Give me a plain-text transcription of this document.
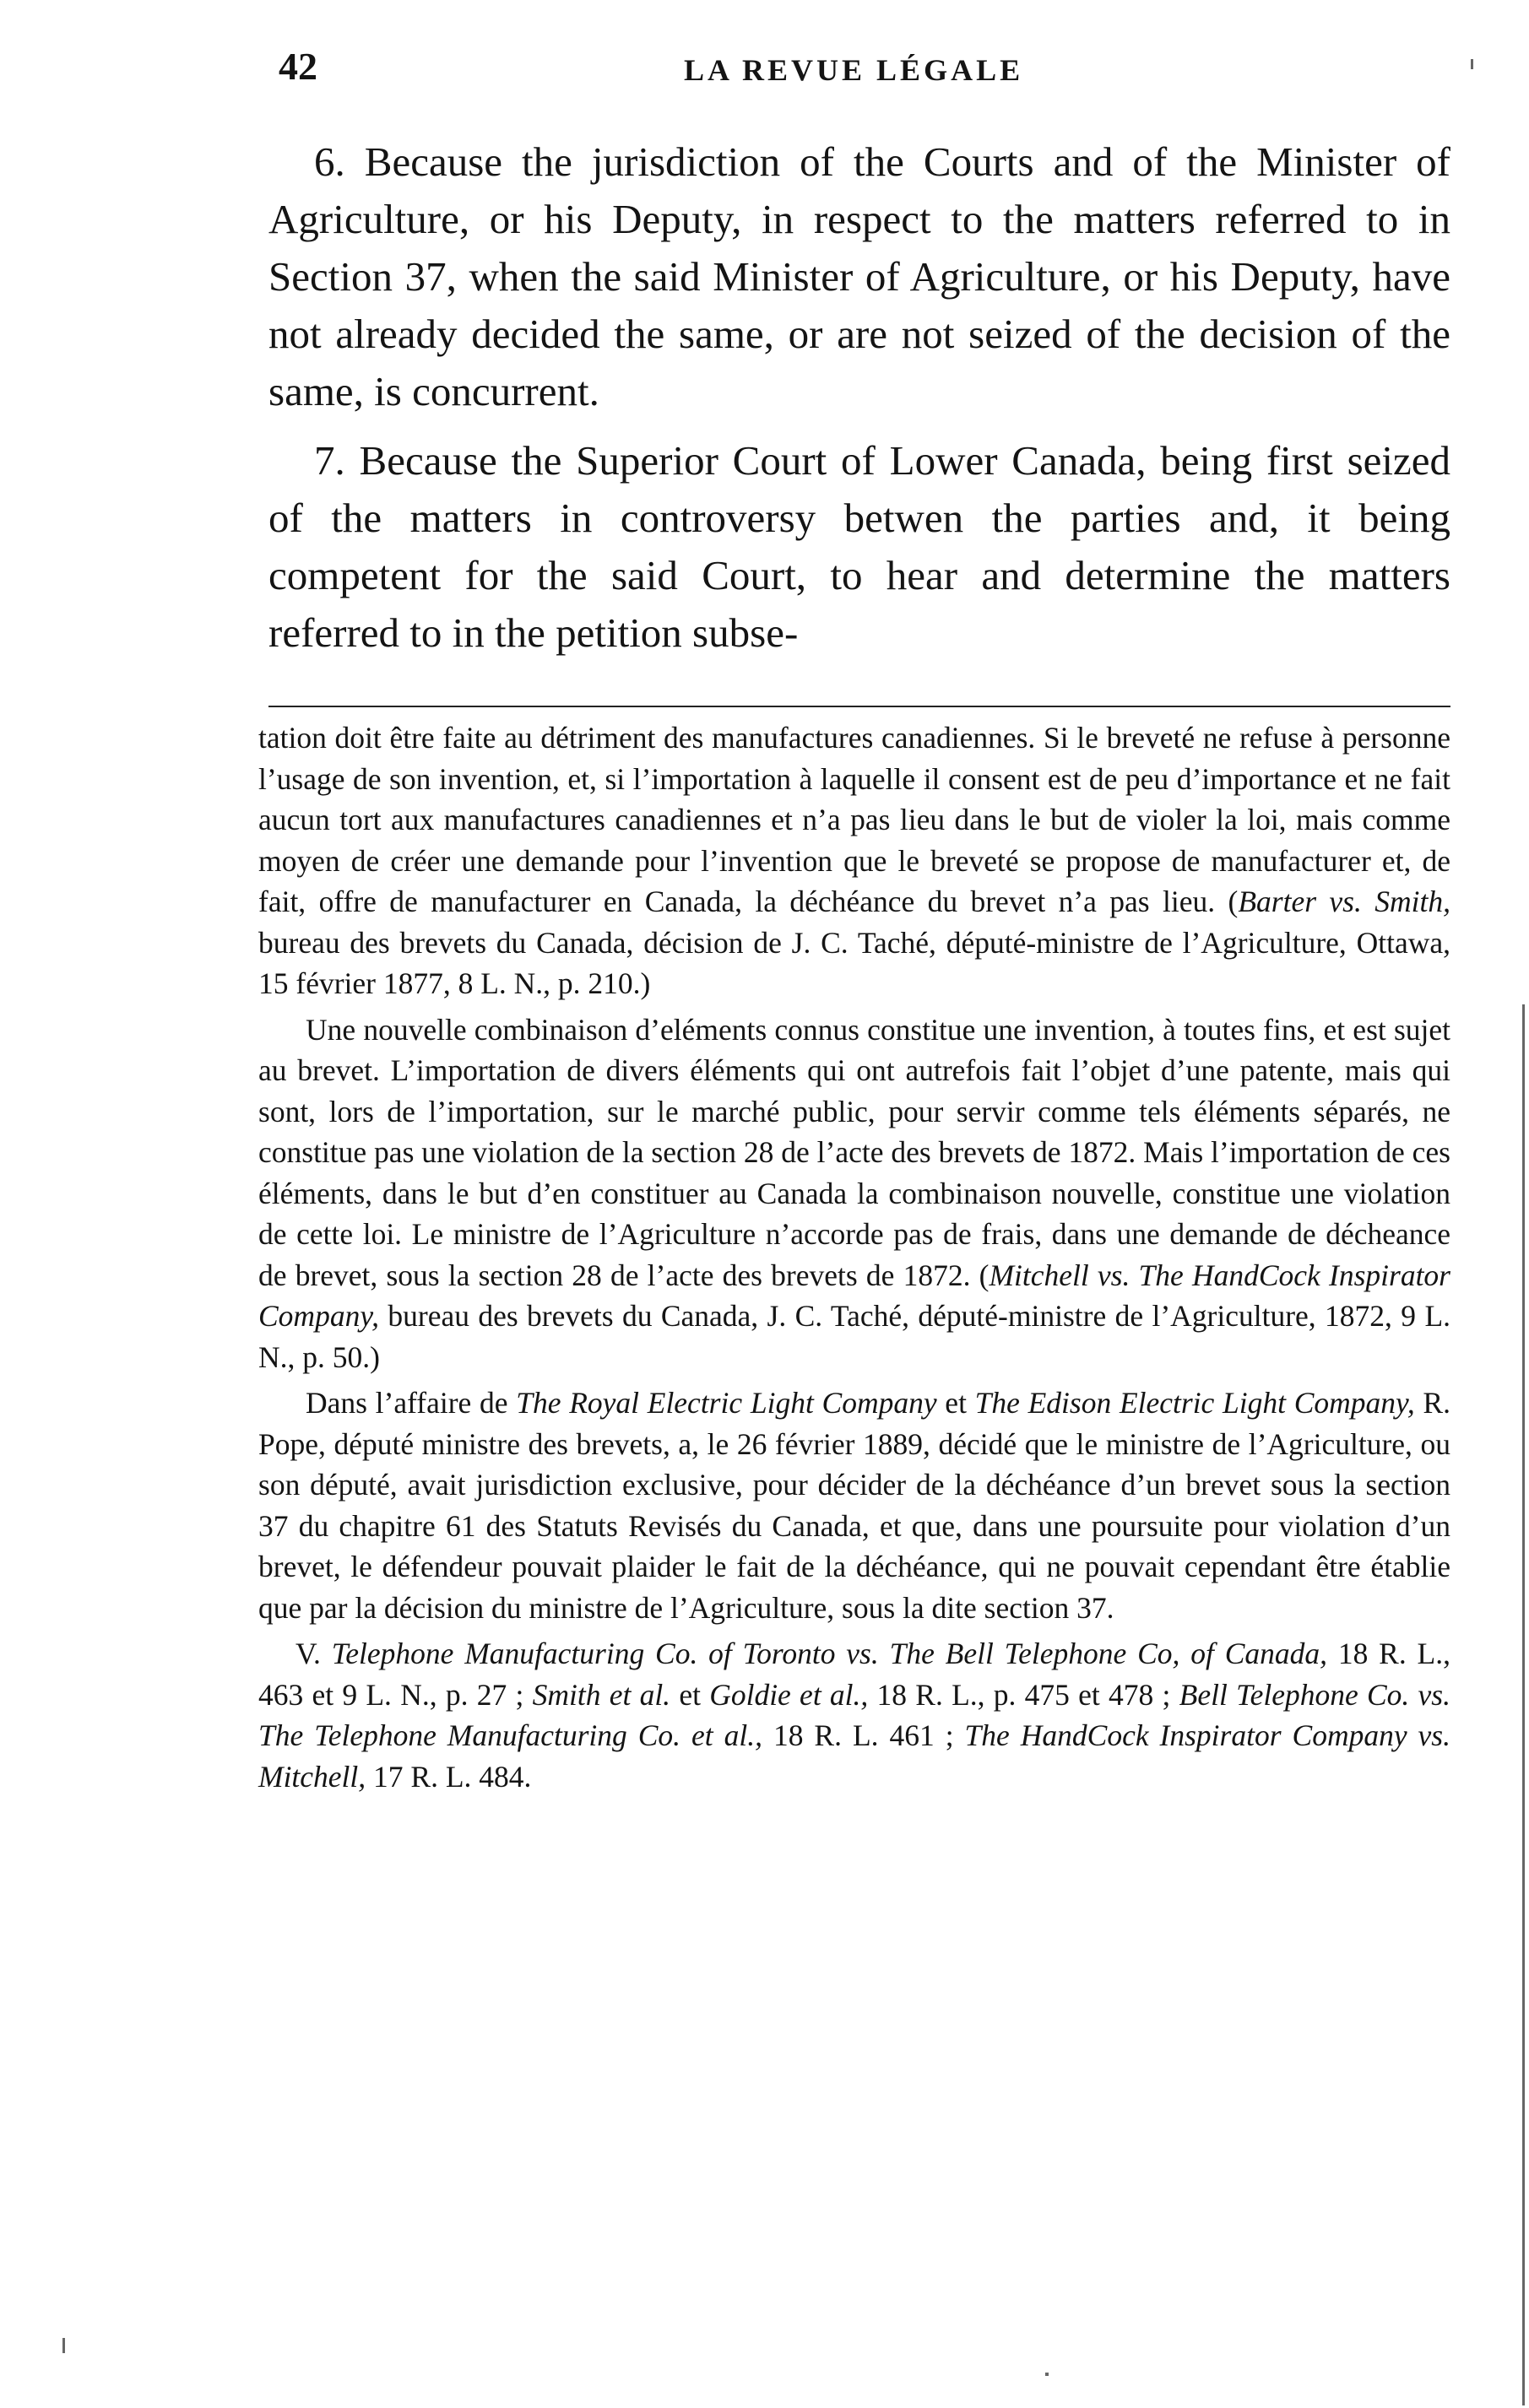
42	LA REVUE LÉGALE

6. Because the jurisdiction of the Courts and of the Minister of Agriculture, or his Deputy, in respect to the matters referred to in Section 37, when the said Minister of Agriculture, or his Deputy, have not already decided the same, or are not seized of the decision of the same, is concurrent.

7. Because the Superior Court of Lower Canada, being first seized of the matters in controversy betwen the parties and, it being competent for the said Court, to hear and determine the matters referred to in the petition subse-

tation doit être faite au détriment des manufactures canadiennes. Si le breveté ne refuse à personne l’usage de son invention, et, si l’importation à laquelle il consent est de peu d’importance et ne fait aucun tort aux manufactures canadiennes et n’a pas lieu dans le but de violer la loi, mais comme moyen de créer une demande pour l’invention que le breveté se propose de manufacturer et, de fait, offre de manufacturer en Canada, la déchéance du brevet n’a pas lieu. (Barter vs. Smith, bureau des brevets du Canada, décision de J. C. Taché, député-ministre de l’Agriculture, Ottawa, 15 février 1877, 8 L. N., p. 210.)

Une nouvelle combinaison d’eléments connus constitue une invention, à toutes fins, et est sujet au brevet. L’importation de divers éléments qui ont autrefois fait l’objet d’une patente, mais qui sont, lors de l’importation, sur le marché public, pour servir comme tels éléments séparés, ne constitue pas une violation de la section 28 de l’acte des brevets de 1872. Mais l’importation de ces éléments, dans le but d’en constituer au Canada la combinaison nouvelle, constitue une violation de cette loi. Le ministre de l’Agriculture n’accorde pas de frais, dans une demande de décheance de brevet, sous la section 28 de l’acte des brevets de 1872. (Mitchell vs. The HandCock Inspirator Company, bureau des brevets du Canada, J. C. Taché, député-ministre de l’Agriculture, 1872, 9 L. N., p. 50.)

Dans l’affaire de The Royal Electric Light Company et The Edison Electric Light Company, R. Pope, député ministre des brevets, a, le 26 février 1889, décidé que le ministre de l’Agriculture, ou son député, avait jurisdiction exclusive, pour décider de la déchéance d’un brevet sous la section 37 du chapitre 61 des Statuts Revisés du Canada, et que, dans une poursuite pour violation d’un brevet, le défendeur pouvait plaider le fait de la déchéance, qui ne pouvait cependant être établie que par la décision du ministre de l’Agriculture, sous la dite section 37.

V. Telephone Manufacturing Co. of Toronto vs. The Bell Telephone Co, of Canada, 18 R. L., 463 et 9 L. N., p. 27 ; Smith et al. et Goldie et al., 18 R. L., p. 475 et 478 ; Bell Telephone Co. vs. The Telephone Manufacturing Co. et al., 18 R. L. 461 ; The HandCock Inspirator Company vs. Mitchell, 17 R. L. 484.
